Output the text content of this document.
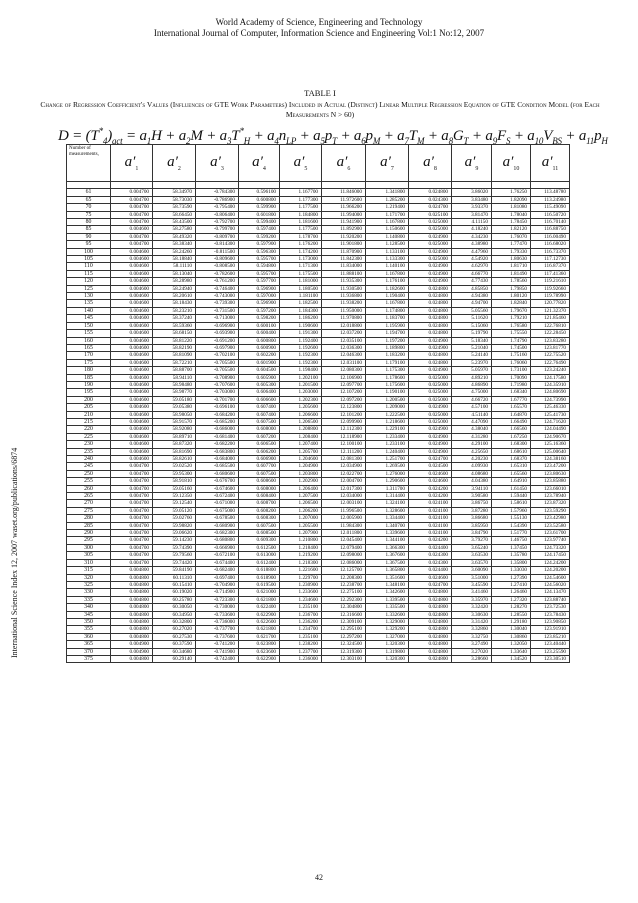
World Academy of Science, Engineering and Technology
International Journal of Computer, Information Science and Engineering Vol:1 No:12, 2007
International Science Index 12, 2007 waset.org/publications/6874
TABLE I
Change of Regression Coefficient's Values (Influences of GTE Work Parameters) Included in Actual (Distinct) Linear Multiple Regression Equation of GTE Condition Model (for Each Measurements N > 60)
$D = (T^*_4)_{act} = a_1H + a_2M + a_3T^*_H + a_4n_{LP} + a_5p_T + a_6p_M + a_7T_M + a_8G_T + a_9F_S + a_{10}V_{BS} + a_{11}p_H$
Number of measurements,	$a'_1$	$a'_2$	$a'_3$	$a'_4$	$a'_5$	$a'_6$	$a'_7$	$a'_8$	$a'_9$	$a'_{10}$	$a'_{11}$

61	0.004700	58.34970	-0.784300	0.596100	1.167700	11.846000	1.341800	0.024800	3.86020	1.76250	113.48780
65	0.004700	58.73030	-0.786900	0.600800	1.177300	11.972600	1.285200	0.024300	3.83480	1.82090	113.24980
70	0.004700	58.73590	-0.795400	0.599900	1.177500	11.966200	1.219400	0.024700	3.93370	1.81080	115.49090
75	0.004700	58.66450	-0.806400	0.601800	1.184800	11.994000	1.171700	0.025100	3.81470	1.78040	116.50720
80	0.004700	58.43500	-0.792700	0.599400	1.181600	11.941900	1.167800	0.025000	4.11150	1.78450	116.70140
85	0.004600	58.27580	-0.799700	0.597400	1.177500	11.892900	1.150600	0.025000	4.18240	1.82120	116.88750
90	0.004700	58.49320	-0.809700	0.599200	1.178700	11.920200	1.140800	0.024900	4.34230	1.76070	116.00490
95	0.004700	58.38340	-0.814300	0.597900	1.176200	11.901800	1.128500	0.025000	4.38980	1.77470	116.68020
100	0.004600	58.24260	-0.811500	0.596300	1.174200	11.870900	1.133100	0.024900	4.47960	1.79330	116.73370
105	0.004600	58.18840	-0.809600	0.595700	1.173000	11.842300	1.133300	0.025000	4.54920	1.80630	117.12730
110	0.004600	58.11110	-0.808500	0.594800	1.171300	11.834000	1.140100	0.024900	4.62970	1.81710	116.87370
115	0.004600	58.13040	-0.782600	0.595700	1.175500	11.888100	1.167800	0.024900	4.66770	1.81490	117.41360
120	0.004600	58.28980	-0.761200	0.597700	1.181000	11.935300	1.176100	0.024900	4.77430	1.78560	119.21610
125	0.004600	58.24940	-0.746400	0.596900	1.180500	11.930500	1.182600	0.024800	4.85850	1.79850	119.92660
130	0.004600	58.20610	-0.743000	0.597000	1.181100	11.936800	1.190400	0.024800	4.94380	1.80120	119.78990
135	0.004600	58.18430	-0.739300	0.596900	1.182500	11.938200	1.167800	0.024800	4.94700	1.82840	120.77820
140	0.004600	58.23210	-0.731500	0.597200	1.184300	11.950000	1.174800	0.024800	5.05560	1.79670	121.32370
145	0.004600	58.37240	-0.713000	0.598200	1.186200	11.970800	1.183700	0.024800	5.11620	1.79210	121.85460
150	0.004600	58.59360	-0.696900	0.600100	1.190600	12.018800	1.195900	0.024800	5.15060	1.76580	122.76810
155	0.004600	58.68150	-0.693900	0.600400	1.191300	12.037200	1.194700	0.024800	5.19790	1.75550	122.28450
160	0.004600	58.81220	-0.691200	0.600800	1.192400	12.035100	1.197200	0.024900	5.18340	1.74790	123.83280
165	0.004600	58.82190	-0.697900	0.600900	1.192600	12.036300	1.189800	0.024900	5.21040	1.74500	123.81770
170	0.004600	58.81090	-0.702100	0.602200	1.192300	12.046300	1.183200	0.024800	5.24140	1.75160	122.75520
175	0.004600	58.72210	-0.705500	0.601900	1.192300	12.031100	1.179100	0.024800	5.23970	1.76060	122.76490
180	0.004600	58.88700	-0.705500	0.604500	1.198400	12.080300	1.175300	0.024900	5.05970	1.73100	123.24240
185	0.004600	58.94110	-0.708900	0.605900	1.202100	12.106900	1.178600	0.025000	4.89210	1.70090	124.17580
190	0.004600	58.98480	-0.707600	0.605300	1.201500	12.097700	1.175600	0.025000	4.86890	1.71980	124.35910
195	0.004600	58.98770	-0.703000	0.606400	1.203000	12.107200	1.190100	0.025000	4.75000	1.68340	124.80690
200	0.004600	59.05180	-0.701700	0.606600	1.202300	12.097200	1.200500	0.025000	4.66720	1.67770	124.73990
205	0.004600	59.05380	-0.696100	0.607400	1.205600	12.123800	1.209000	0.024900	4.57100	1.65570	125.46330
210	0.004600	58.98050	-0.684200	0.607400	1.206600	12.101200	1.222500	0.025000	4.51140	1.64870	125.41730
215	0.004600	58.91570	-0.685200	0.607500	1.206500	12.099900	1.218600	0.025000	4.47090	1.66490	124.71620
220	0.004600	58.92080	-0.686000	0.608000	1.208800	12.112300	1.229100	0.024900	4.38040	1.66560	124.04490
225	0.004600	58.89710	-0.681400	0.607200	1.208400	12.118900	1.233400	0.024900	4.31280	1.67250	124.90670
230	0.004600	58.87320	-0.682200	0.606500	1.207400	12.100100	1.233100	0.024900	4.29100	1.68300	125.16360
235	0.004600	58.81690	-0.683800	0.606200	1.205700	12.111200	1.240400	0.024900	4.25650	1.68610	125.00640
240	0.004600	58.82610	-0.684000	0.606900	1.204600	12.081300	1.251700	0.024700	4.20230	1.68370	124.38160
245	0.004700	59.02520	-0.685500	0.607700	1.204900	12.034900	1.269500	0.024500	4.09930	1.65310	123.47200
250	0.004700	59.95300	-0.680600	0.607500	1.203800	12.022700	1.276000	0.024600	4.08680	1.65560	123.80630
255	0.004700	58.91810	-0.676700	0.608600	1.202900	12.004700	1.290600	0.024600	4.04380	1.64910	123.85880
260	0.004700	59.05160	-0.674600	0.608000	1.206400	12.017300	1.311700	0.024200	3.94110	1.61450	123.66010
265	0.004700	59.12350	-0.672400	0.608400	1.207500	12.034000	1.314400	0.024200	3.90580	1.59440	123.78940
270	0.004700	59.12540	-0.671000	0.608700	1.206500	12.003100	1.324100	0.024100	3.86750	1.58610	123.87320
275	0.004700	59.05120	-0.675000	0.608200	1.206200	11.996500	1.328600	0.024100	3.87280	1.57960	123.59290
280	0.004700	59.02760	-0.678500	0.608300	1.207000	12.005900	1.334400	0.024100	3.86680	1.55130	123.42980
285	0.004700	59.98820	-0.680900	0.607500	1.205500	11.984300	1.340700	0.024100	3.85950	1.54390	123.52580
290	0.004700	59.06620	-0.682300	0.608500	1.207900	12.011800	1.339600	0.024100	3.84790	1.51770	123.61700
295	0.004700	59.14230	-0.680800	0.609300	1.210800	12.045400	1.344100	0.024200	3.79270	1.46750	123.97740
300	0.004700	59.74390	-0.666900	0.612500	1.218400	12.079400	1.366300	0.024400	3.65240	1.37450	124.73320
305	0.004700	59.79560	-0.672100	0.613000	1.219200	12.098000	1.367600	0.024300	3.63530	1.35780	124.17450
310	0.004700	59.74420	-0.674400	0.612400	1.218300	12.086000	1.367500	0.024300	3.63570	1.35800	124.24200
315	0.004800	59.84190	-0.682400	0.618800	1.221600	12.125700	1.365800	0.024400	3.60090	1.33030	124.20200
320	0.004800	60.11310	-0.697400	0.618900	1.229700	12.208300	1.351600	0.024600	3.51000	1.27390	124.54600
325	0.004800	60.15410	-0.704900	0.619500	1.230900	12.238700	1.348100	0.024700	3.45590	1.27410	124.56020
330	0.004800	60.19020	-0.714900	0.621000	1.233600	12.275100	1.342600	0.024800	3.41460	1.26460	124.13470
335	0.004800	60.25780	-0.723300	0.621800	1.234600	12.292300	1.339500	0.024800	3.35970	1.27320	123.88740
340	0.004800	60.30050	-0.730000	0.622400	1.235100	12.304800	1.335500	0.024800	3.32420	1.28270	123.72530
345	0.004800	60.34950	-0.733600	0.622900	1.236700	12.316600	1.332600	0.024800	3.30630	1.28550	123.78430
350	0.004800	60.32800	-0.736000	0.622600	1.236200	12.309100	1.329000	0.024800	3.31420	1.29180	123.90850
355	0.004800	60.27020	-0.737700	0.621800	1.234700	12.295100	1.329200	0.024800	3.32860	1.30040	123.91910
360	0.004800	60.27530	-0.737600	0.621700	1.235100	12.297200	1.327000	0.024800	3.32750	1.30860	123.85210
365	0.004900	60.37590	-0.741200	0.623800	1.238200	12.324500	1.320300	0.024800	3.27490	1.32050	123.40440
370	0.004900	60.34680	-0.741900	0.623600	1.237700	12.319300	1.319800	0.024800	3.27020	1.33640	123.25590
375	0.004800	60.29140	-0.742400	0.622900	1.236000	12.303100	1.320300	0.024800	3.28660	1.34520	123.30510
42
